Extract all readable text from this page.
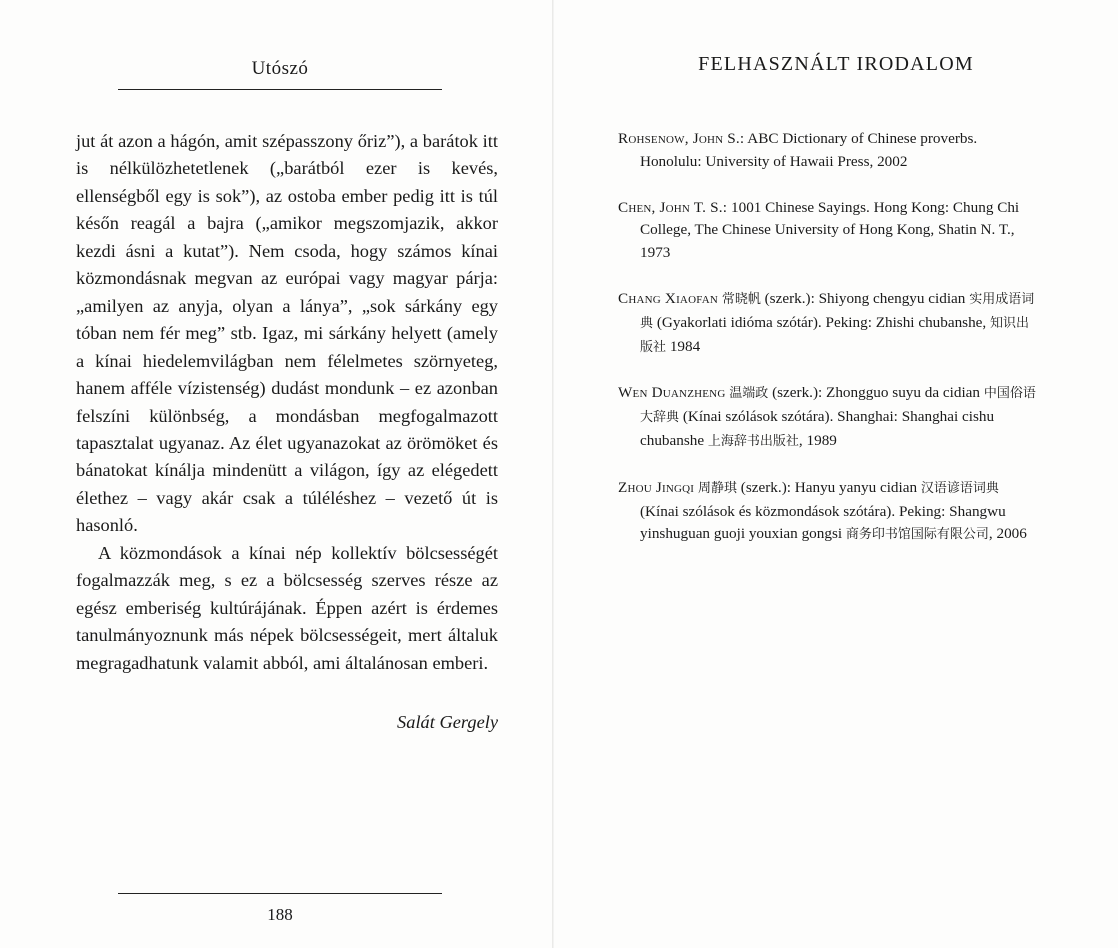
Utószó

jut át azon a hágón, amit szépasszony őriz”), a barátok itt is nélkülözhetetlenek („barátból ezer is kevés, ellenségből egy is sok”), az ostoba ember pedig itt is túl későn reagál a bajra („amikor megszomjazik, akkor kezdi ásni a kutat”). Nem csoda, hogy számos kínai közmondásnak megvan az európai vagy magyar párja: „amilyen az anyja, olyan a lánya”, „sok sárkány egy tóban nem fér meg” stb. Igaz, mi sárkány helyett (amely a kínai hiedelemvilágban nem félelmetes szörnyeteg, hanem afféle vízistenség) dudást mondunk – ez azonban felszíni különbség, a mondásban megfogalmazott tapasztalat ugyanaz. Az élet ugyanazokat az örömöket és bánatokat kínálja mindenütt a világon, így az elégedett élethez – vagy akár csak a túléléshez – vezető út is hasonló.

A közmondások a kínai nép kollektív bölcsességét fogalmazzák meg, s ez a bölcsesség szerves része az egész emberiség kultúrájának. Éppen azért is érdemes tanulmányoznunk más népek bölcsességeit, mert általuk megragadhatunk valamit abból, ami általánosan emberi.

Salát Gergely
188
FELHASZNÁLT IRODALOM
Rohsenow, John S.: ABC Dictionary of Chinese proverbs. Honolulu: University of Hawaii Press, 2002
Chen, John T. S.: 1001 Chinese Sayings. Hong Kong: Chung Chi College, The Chinese University of Hong Kong, Shatin N. T., 1973
Chang Xiaofan 常晓帆 (szerk.): Shiyong chengyu cidian 实用成语词典 (Gyakorlati idióma szótár). Peking: Zhishi chubanshe, 知识出版社 1984
Wen Duanzheng 温端政 (szerk.): Zhongguo suyu da cidian 中国俗语大辞典 (Kínai szólások szótára). Shanghai: Shanghai cishu chubanshe 上海辞书出版社, 1989
Zhou Jingqi 周静琪 (szerk.): Hanyu yanyu cidian 汉语谚语词典 (Kínai szólások és közmondások szótára). Peking: Shangwu yinshuguan guoji youxian gongsi 商务印书馆国际有限公司, 2006
